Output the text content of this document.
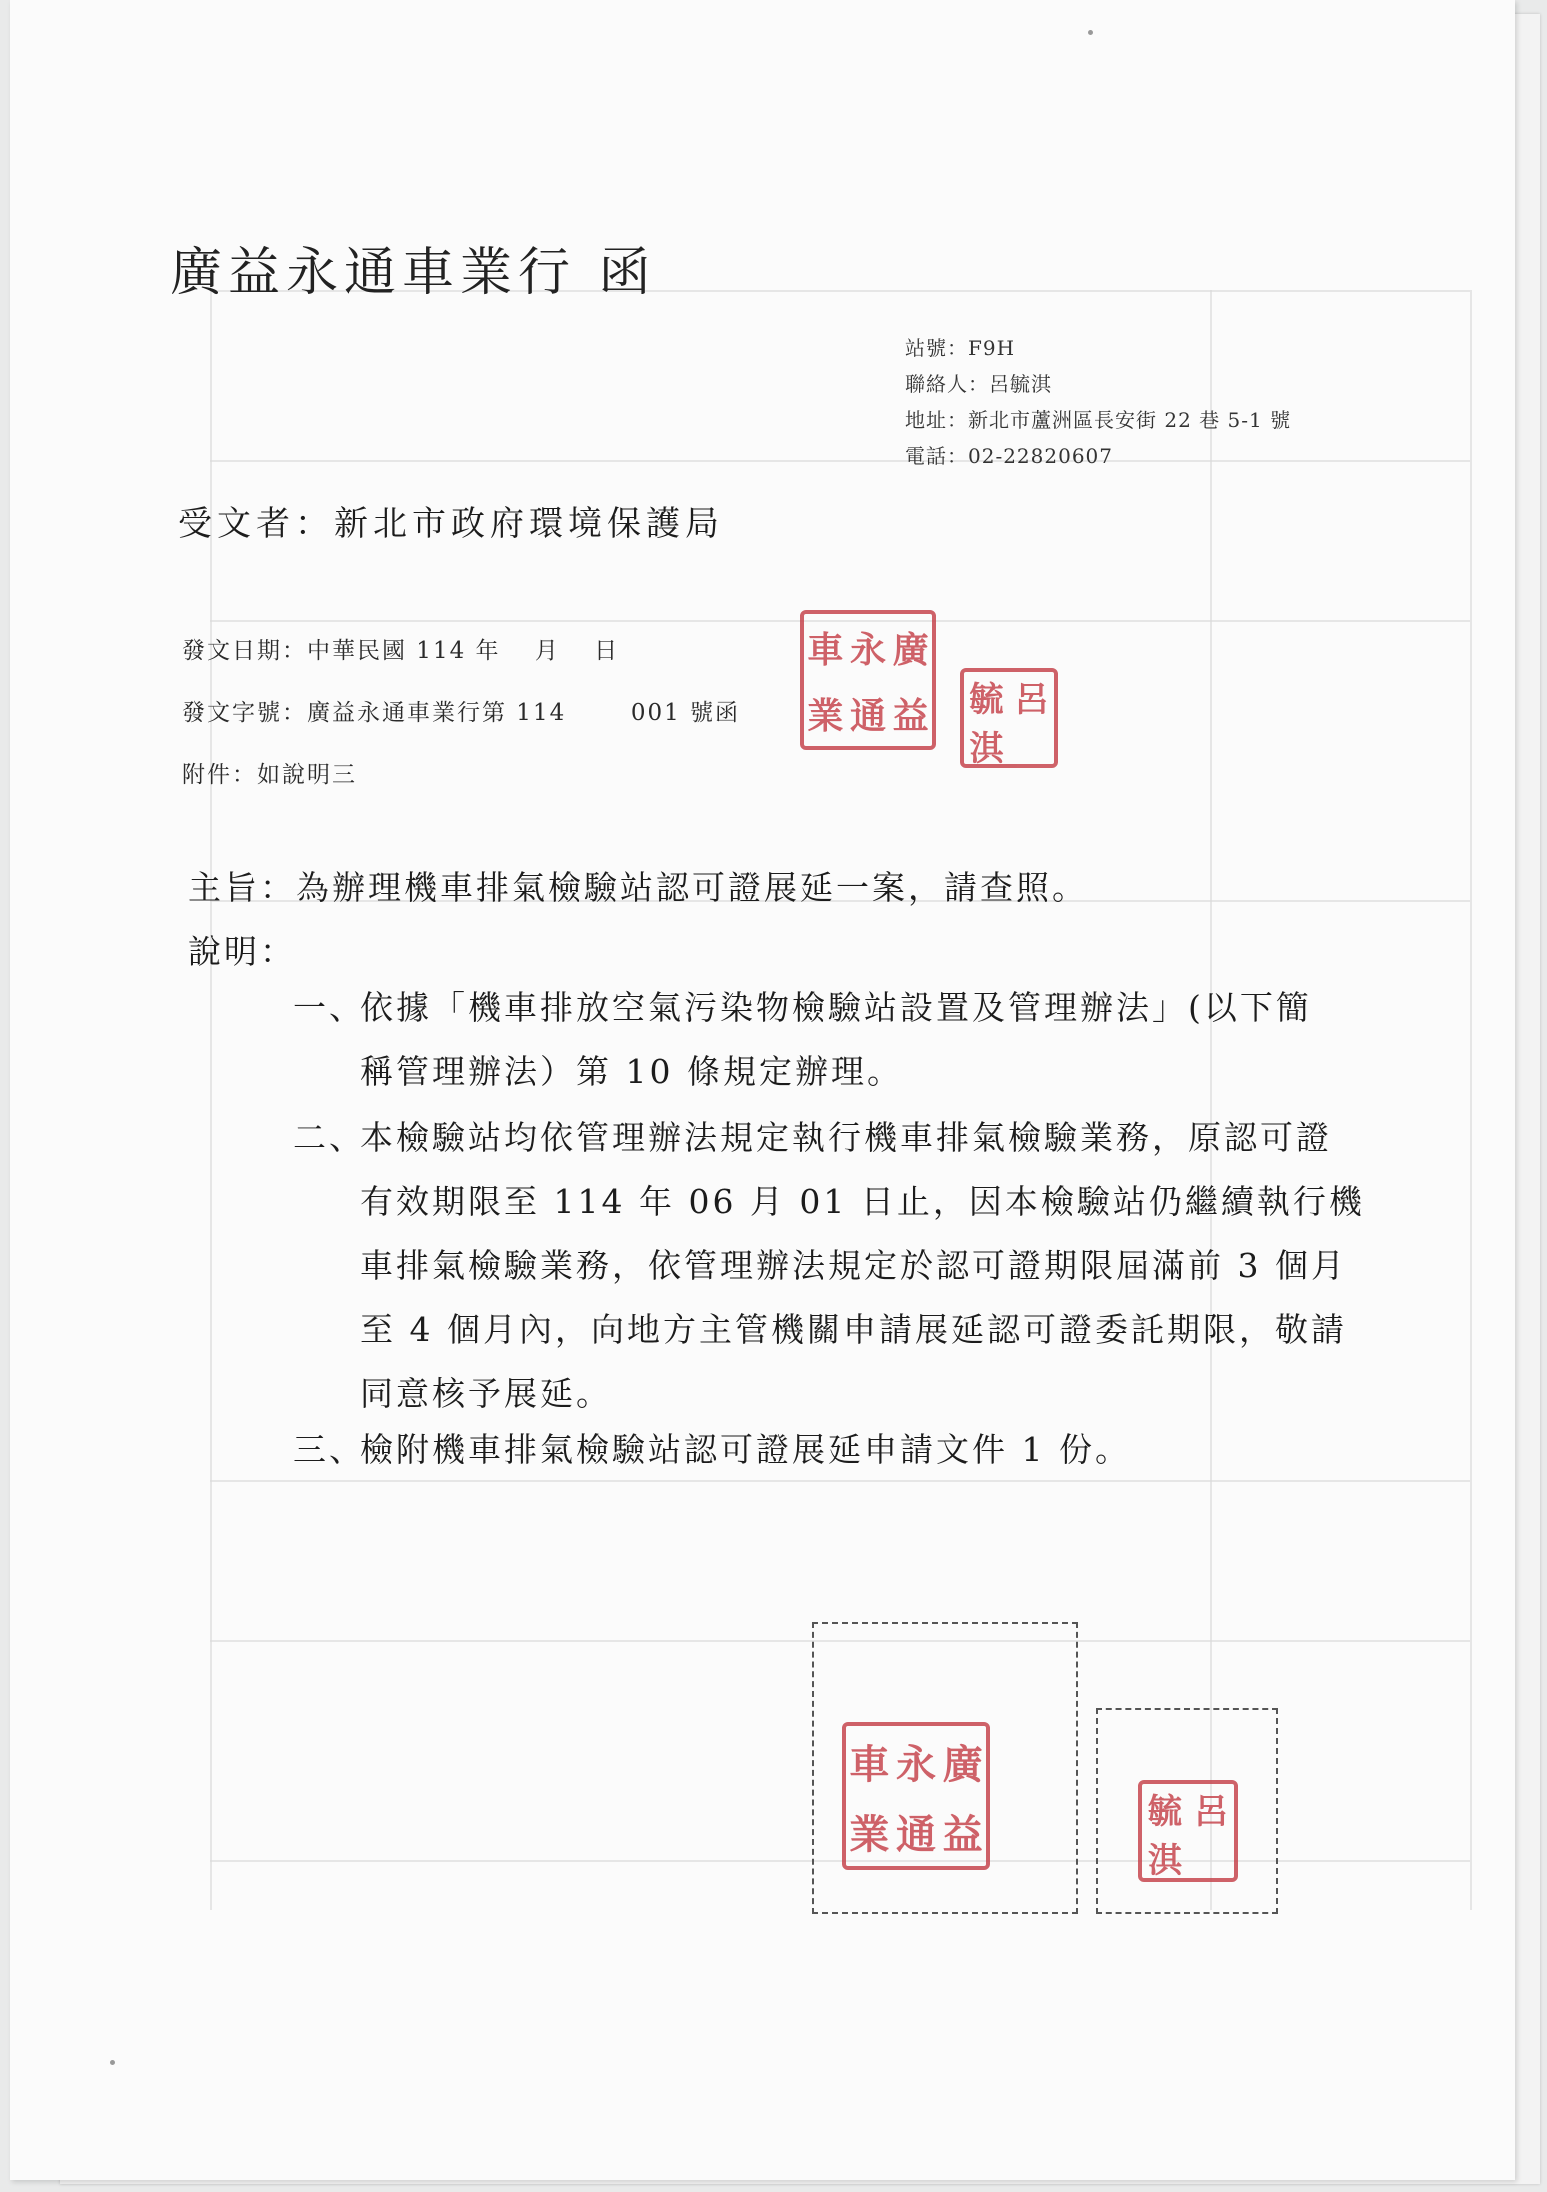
廣益永通車業行 函
站號：F9H
聯絡人：呂毓淇
地址：新北市蘆洲區長安街 22 巷 5-1 號
電話：02-22820607
受文者：新北市政府環境保護局
發文日期：中華民國 114 年　 月　 日
發文字號：廣益永通車業行第 114	001 號函
附件：如說明三
車 永 廣
業 通 益 毓 呂
淇
主旨：為辦理機車排氣檢驗站認可證展延一案，請查照。
說明：
一、
依據「機車排放空氣污染物檢驗站設置及管理辦法」(以下簡
稱管理辦法）第 10 條規定辦理。
二、
本檢驗站均依管理辦法規定執行機車排氣檢驗業務，原認可證
有效期限至 114 年 06 月 01 日止，因本檢驗站仍繼續執行機
車排氣檢驗業務，依管理辦法規定於認可證期限屆滿前 3 個月
至 4 個月內，向地方主管機關申請展延認可證委託期限，敬請
同意核予展延。
三、
檢附機車排氣檢驗站認可證展延申請文件 1 份。
車 永 廣
業 通 益	毓 呂
淇
